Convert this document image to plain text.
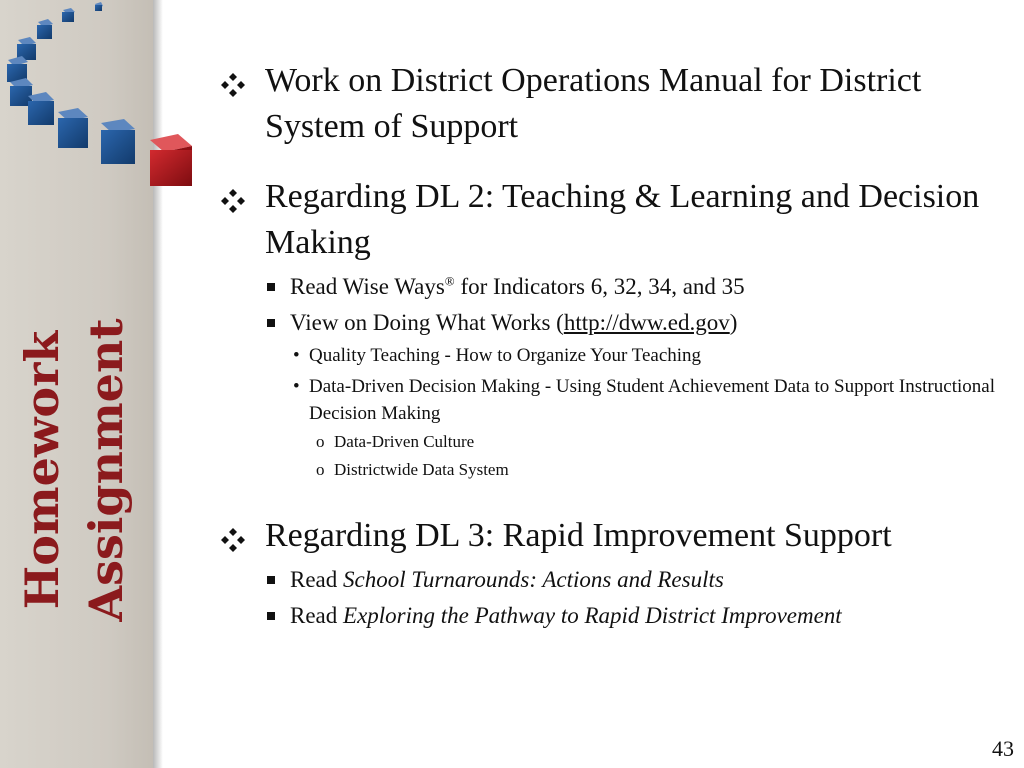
Homework Assignment
Work on District Operations Manual for District System of Support
Regarding DL 2: Teaching & Learning and Decision Making
Read Wise Ways® for Indicators 6, 32, 34, and 35
View on Doing What Works (http://dww.ed.gov)
• Quality Teaching - How to Organize Your Teaching
• Data-Driven Decision Making - Using Student Achievement Data to Support Instructional Decision Making
o Data-Driven Culture
o Districtwide Data System
Regarding DL 3: Rapid Improvement Support
Read School Turnarounds: Actions and Results
Read Exploring the Pathway to Rapid District Improvement
43
